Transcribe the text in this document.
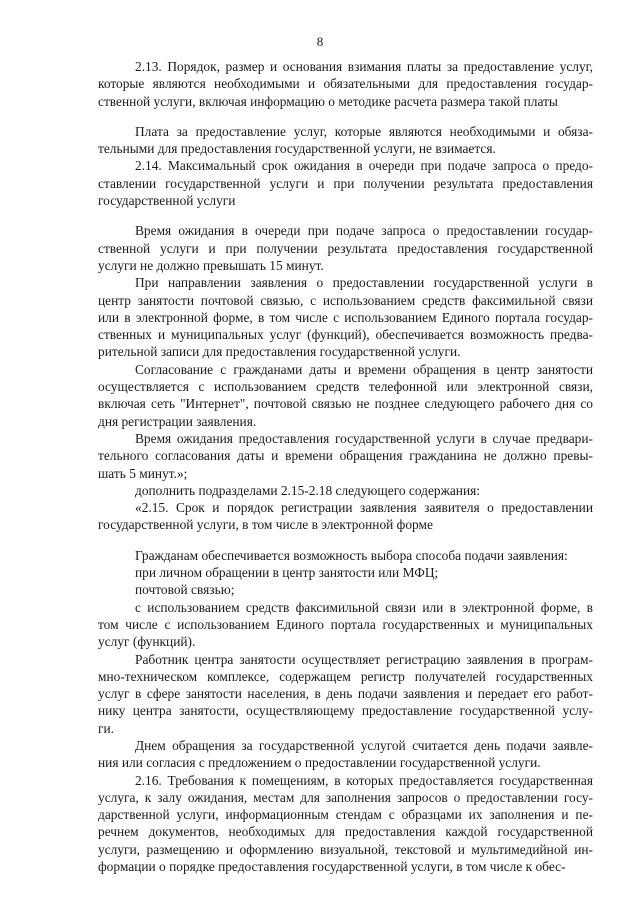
8
2.13. Порядок, размер и основания взимания платы за предоставление услуг,
которые являются необходимыми и обязательными для предоставления государ-
ственной услуги, включая информацию о методике расчета размера такой платы
Плата за предоставление услуг, которые являются необходимыми и обяза-
тельными для предоставления государственной услуги, не взимается.
2.14. Максимальный срок ожидания в очереди при подаче запроса о предо-
ставлении государственной услуги и при получении результата предоставления
государственной услуги
Время ожидания в очереди при подаче запроса о предоставлении государ-
ственной услуги и при получении результата предоставления государственной
услуги не должно превышать 15 минут.
При направлении заявления о предоставлении государственной услуги в
центр занятости почтовой связью, с использованием средств факсимильной связи
или в электронной форме, в том числе с использованием Единого портала государ-
ственных и муниципальных услуг (функций), обеспечивается возможность предва-
рительной записи для предоставления государственной услуги.
Согласование с гражданами даты и времени обращения в центр занятости
осуществляется с использованием средств телефонной или электронной связи,
включая сеть "Интернет", почтовой связью не позднее следующего рабочего дня со
дня регистрации заявления.
Время ожидания предоставления государственной услуги в случае предвари-
тельного согласования даты и времени обращения гражданина не должно превы-
шать 5 минут.»;
дополнить подразделами 2.15-2.18 следующего содержания:
«2.15. Срок и порядок регистрации заявления заявителя о предоставлении
государственной услуги, в том числе в электронной форме
Гражданам обеспечивается возможность выбора способа подачи заявления:
при личном обращении в центр занятости или МФЦ;
почтовой связью;
с использованием средств факсимильной связи или в электронной форме, в
том числе с использованием Единого портала государственных и муниципальных
услуг (функций).
Работник центра занятости осуществляет регистрацию заявления в програм-
мно-техническом комплексе, содержащем регистр получателей государственных
услуг в сфере занятости населения, в день подачи заявления и передает его работ-
нику центра занятости, осуществляющему предоставление государственной услу-
ги.
Днем обращения за государственной услугой считается день подачи заявле-
ния или согласия с предложением о предоставлении государственной услуги.
2.16. Требования к помещениям, в которых предоставляется государственная
услуга, к залу ожидания, местам для заполнения запросов о предоставлении госу-
дарственной услуги, информационным стендам с образцами их заполнения и пе-
речнем документов, необходимых для предоставления каждой государственной
услуги, размещению и оформлению визуальной, текстовой и мультимедийной ин-
формации о порядке предоставления государственной услуги, в том числе к обес-
